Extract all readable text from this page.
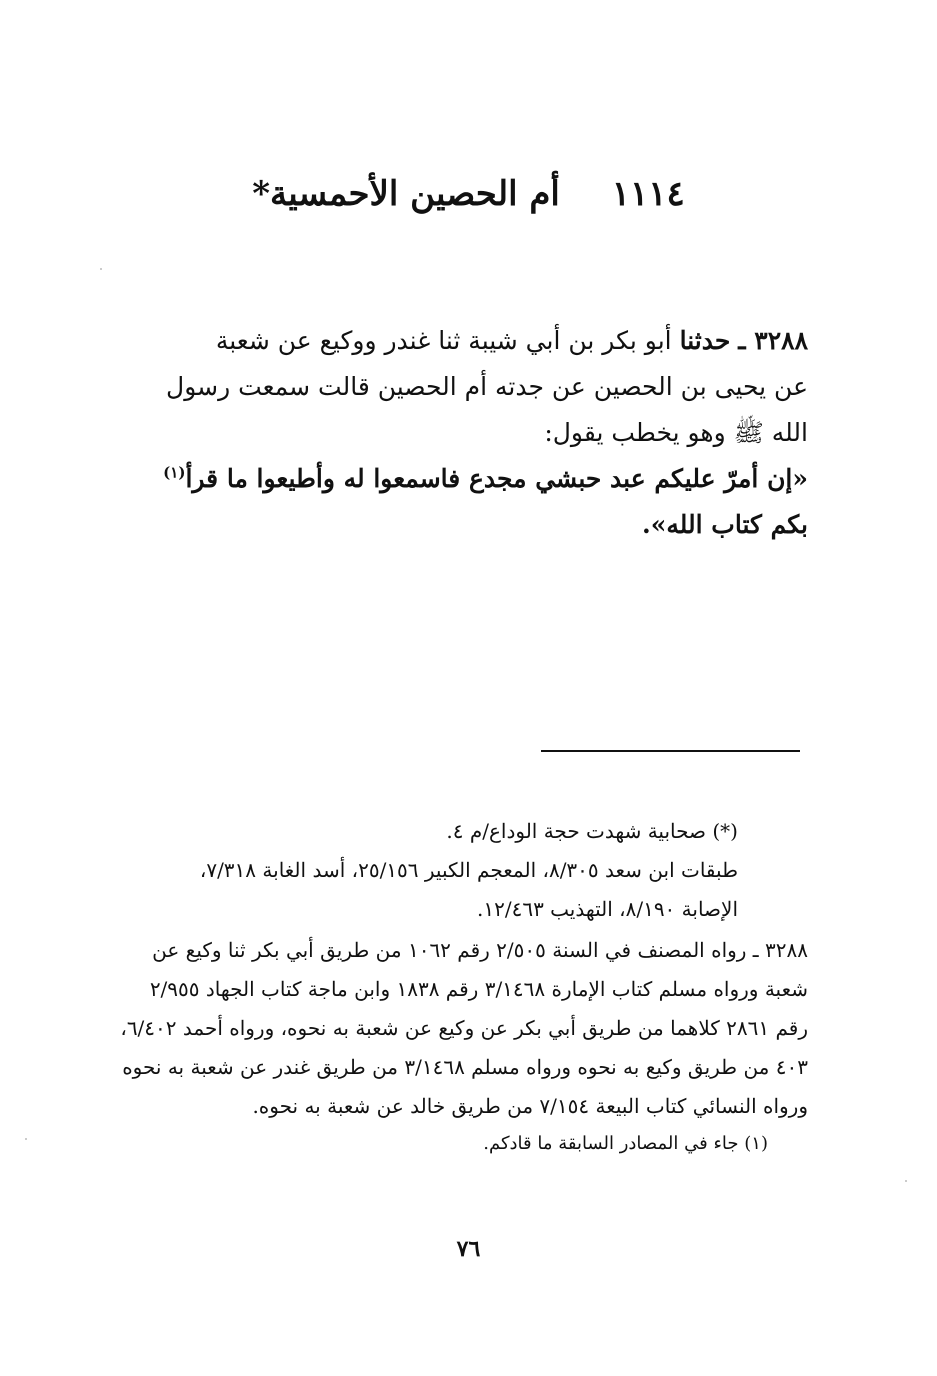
١١١٤ أم الحصين الأحمسية*

٣٢٨٨ ـ حدثنا أبو بكر بن أبي شيبة ثنا غندر ووكيع عن شعبة

عن يحيى بن الحصين عن جدته أم الحصين قالت سمعت رسول

الله ﷺ وهو يخطب يقول:

«إن أمرّ عليكم عبد حبشي مجدع فاسمعوا له وأطيعوا ما قرأ$^{(١)}$ بكم كتاب الله».

(*) صحابية شهدت حجة الوداع/م ٤.
طبقات ابن سعد ٨/٣٠٥، المعجم الكبير ٢٥/١٥٦، أسد الغابة ٧/٣١٨،
الإصابة ٨/١٩٠، التهذيب ١٢/٤٦٣.

٣٢٨٨ ـ رواه المصنف في السنة ٢/٥٠٥ رقم ١٠٦٢ من طريق أبي بكر ثنا وكيع عن شعبة ورواه مسلم كتاب الإمارة ٣/١٤٦٨ رقم ١٨٣٨ وابن ماجة كتاب الجهاد ٢/٩٥٥ رقم ٢٨٦١ كلاهما من طريق أبي بكر عن وكيع عن شعبة به نحوه، ورواه أحمد ٦/٤٠٢، ٤٠٣ من طريق وكيع به نحوه ورواه مسلم ٣/١٤٦٨ من طريق غندر عن شعبة به نحوه ورواه النسائي كتاب البيعة ٧/١٥٤ من طريق خالد عن شعبة به نحوه.

(١) جاء في المصادر السابقة ما قادكم.

٧٦
